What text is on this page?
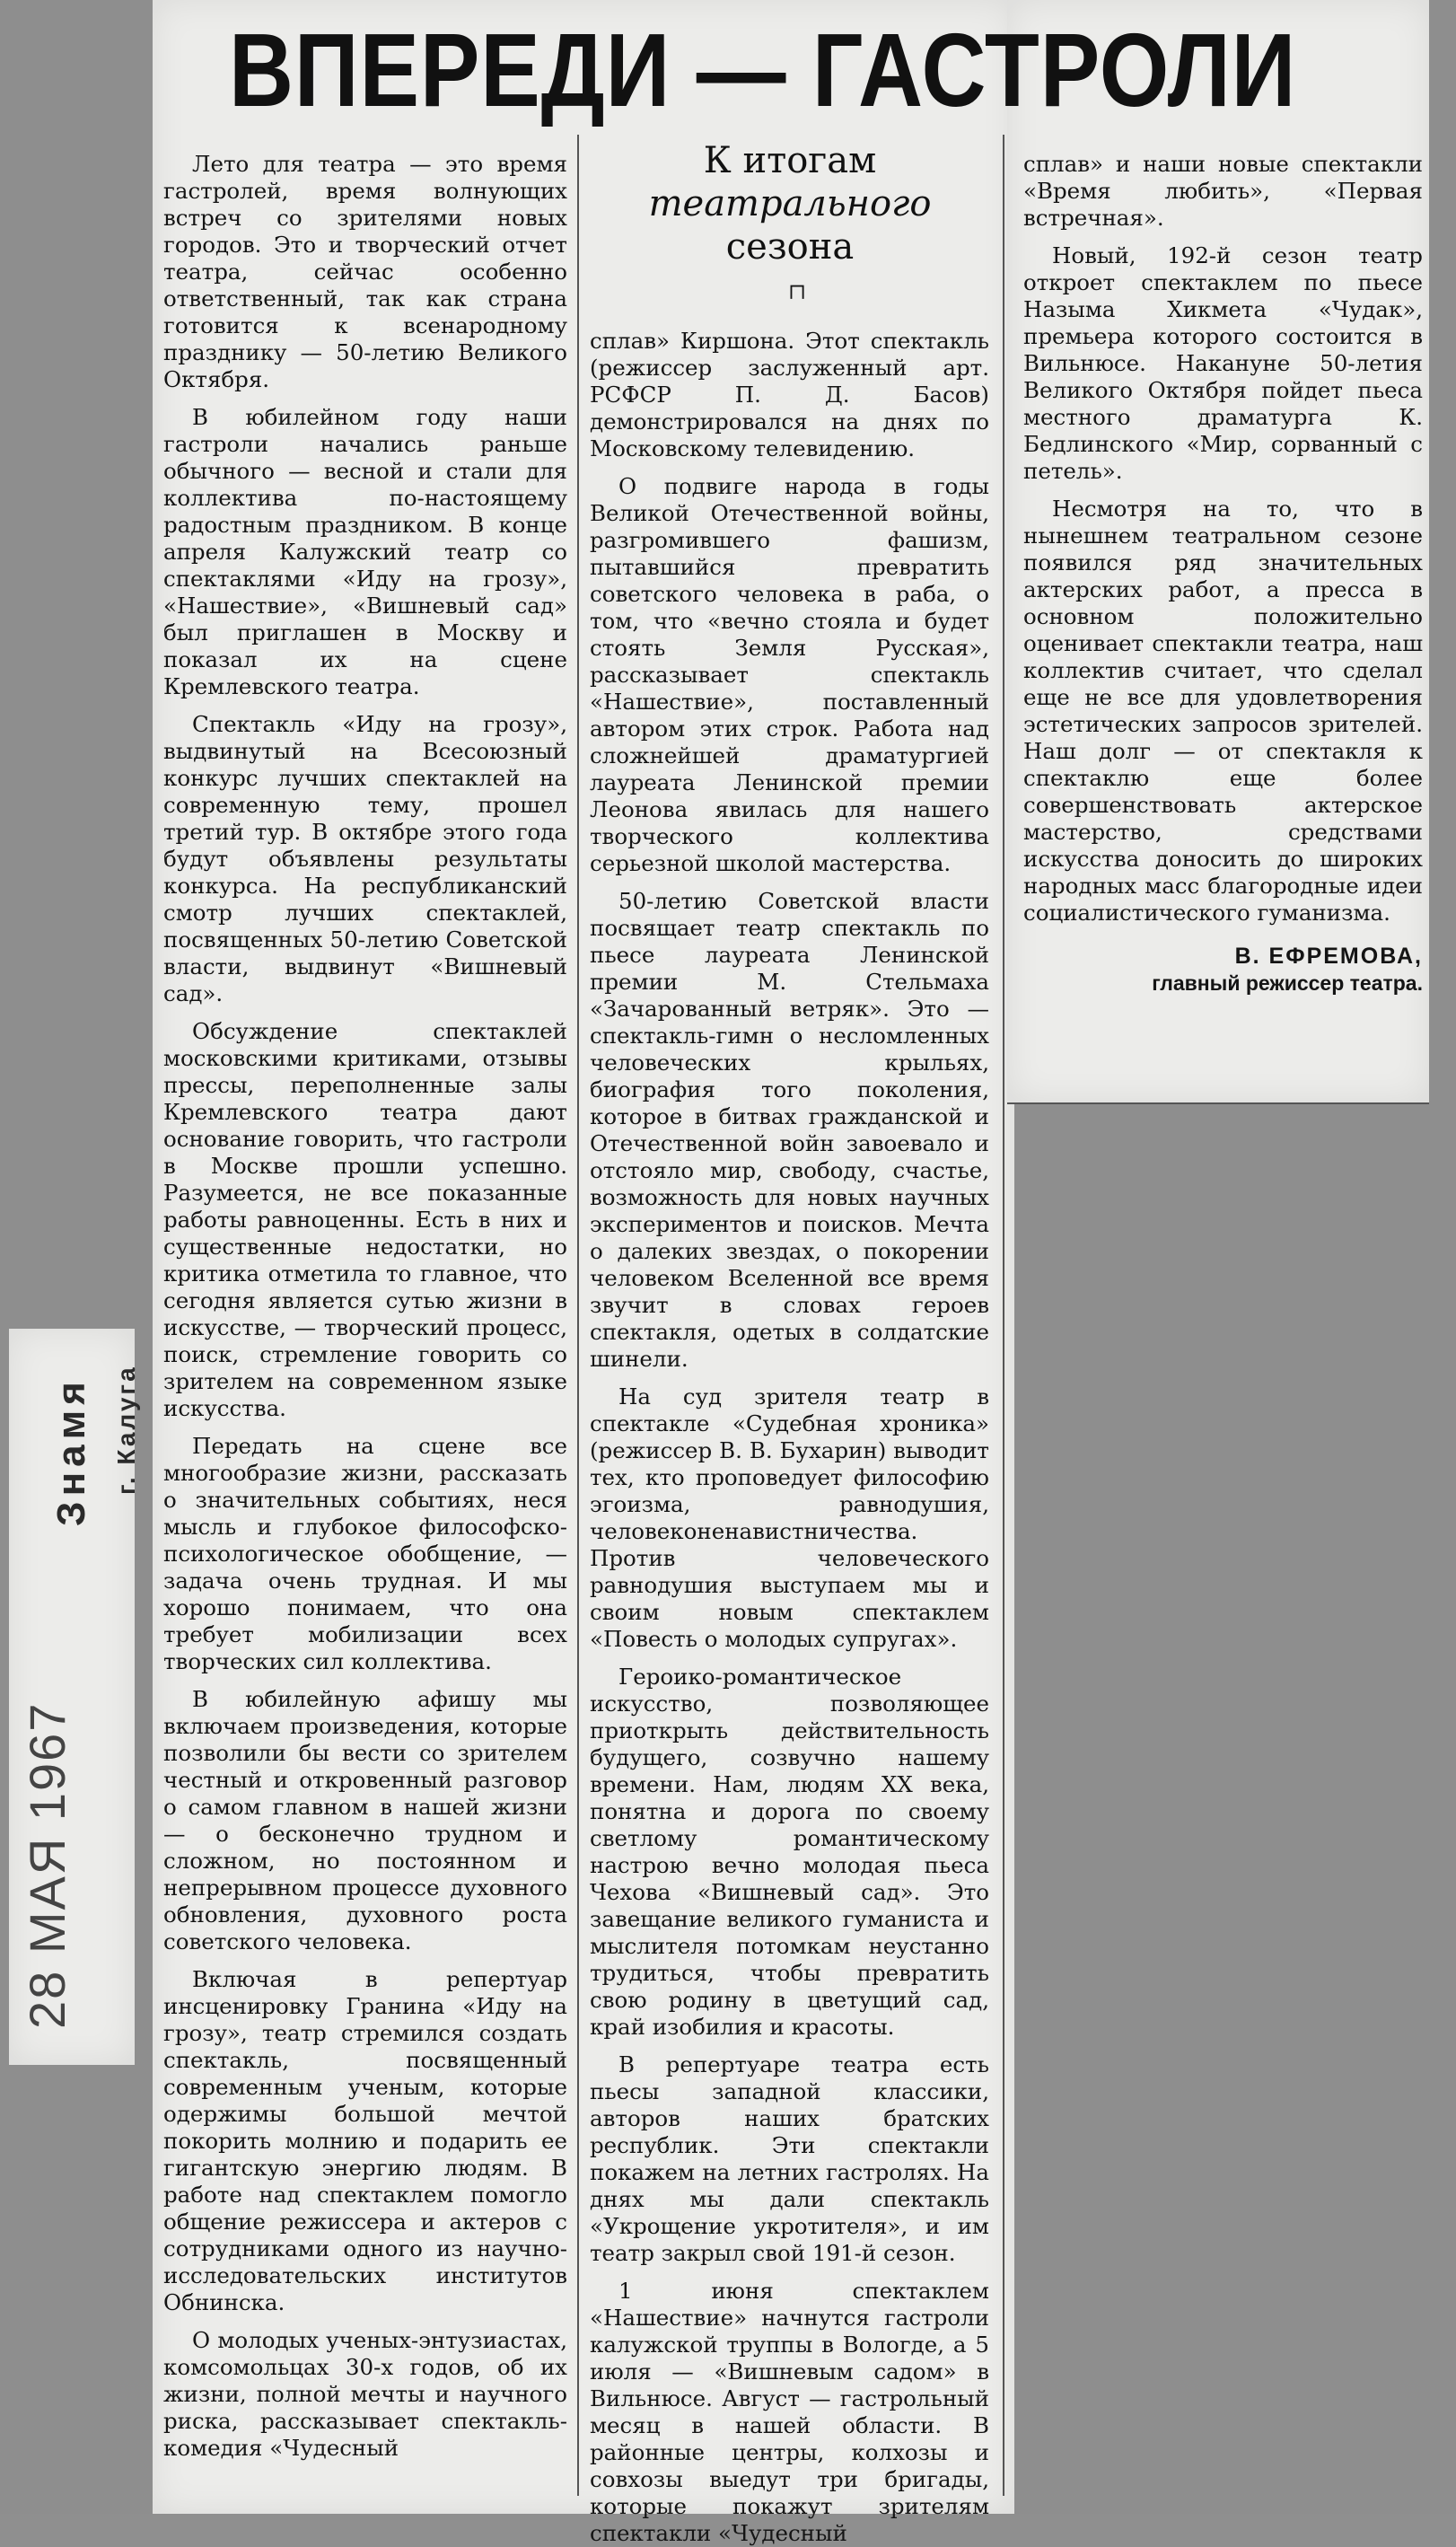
ВПЕРЕДИ — ГАСТРОЛИ
К итогам
театрального
сезона
⊓

Лето для театра — это время гастролей, время волнующих встреч со зрителями новых городов. Это и творческий отчет театра, сейчас особенно ответственный, так как страна готовится к всенародному празднику — 50-летию Великого Октября.

В юбилейном году наши гастроли начались раньше обычного — весной и стали для коллектива по-настоящему радостным праздником. В конце апреля Калужский театр со спектаклями «Иду на грозу», «Нашествие», «Вишневый сад» был приглашен в Москву и показал их на сцене Кремлевского театра.

Спектакль «Иду на грозу», выдвинутый на Всесоюзный конкурс лучших спектаклей на современную тему, прошел третий тур. В октябре этого года будут объявлены результаты конкурса. На республиканский смотр лучших спектаклей, посвященных 50-летию Советской власти, выдвинут «Вишневый сад».

Обсуждение спектаклей московскими критиками, отзывы прессы, переполненные залы Кремлевского театра дают основание говорить, что гастроли в Москве прошли успешно. Разумеется, не все показанные работы равноценны. Есть в них и существенные недостатки, но критика отметила то главное, что сегодня является сутью жизни в искусстве, — творческий процесс, поиск, стремление говорить со зрителем на современном языке искусства.

Передать на сцене все многообразие жизни, рассказать о значительных событиях, неся мысль и глубокое философско-психологическое обобщение, — задача очень трудная. И мы хорошо понимаем, что она требует мобилизации всех творческих сил коллектива.

В юбилейную афишу мы включаем произведения, которые позволили бы вести со зрителем честный и откровенный разговор о самом главном в нашей жизни — о бесконечно трудном и сложном, но постоянном и непрерывном процессе духовного обновления, духовного роста советского человека.

Включая в репертуар инсценировку Гранина «Иду на грозу», театр стремился создать спектакль, посвященный современным ученым, которые одержимы большой мечтой покорить молнию и подарить ее гигантскую энергию людям. В работе над спектаклем помогло общение режиссера и актеров с сотрудниками одного из научно-исследовательских институтов Обнинска.

О молодых ученых-энтузиастах, комсомольцах 30-х годов, об их жизни, полной мечты и научного риска, рассказывает спектакль-комедия «Чудесный

сплав» Киршона. Этот спектакль (режиссер заслуженный арт. РСФСР П. Д. Басов) демонстрировался на днях по Московскому телевидению.

О подвиге народа в годы Великой Отечественной войны, разгромившего фашизм, пытавшийся превратить советского человека в раба, о том, что «вечно стояла и будет стоять Земля Русская», рассказывает спектакль «Нашествие», поставленный автором этих строк. Работа над сложнейшей драматургией лауреата Ленинской премии Леонова явилась для нашего творческого коллектива серьезной школой мастерства.

50-летию Советской власти посвящает театр спектакль по пьесе лауреата Ленинской премии М. Стельмаха «Зачарованный ветряк». Это — спектакль-гимн о несломленных человеческих крыльях, биография того поколения, которое в битвах гражданской и Отечественной войн завоевало и отстояло мир, свободу, счастье, возможность для новых научных экспериментов и поисков. Мечта о далеких звездах, о покорении человеком Вселенной все время звучит в словах героев спектакля, одетых в солдатские шинели.

На суд зрителя театр в спектакле «Судебная хроника» (режиссер В. В. Бухарин) выводит тех, кто проповедует философию эгоизма, равнодушия, человеконенавистничества. Против человеческого равнодушия выступаем мы и своим новым спектаклем «Повесть о молодых супругах».

Героико-романтическое искусство, позволяющее приоткрыть действительность будущего, созвучно нашему времени. Нам, людям XX века, понятна и дорога по своему светлому романтическому настрою вечно молодая пьеса Чехова «Вишневый сад». Это завещание великого гуманиста и мыслителя потомкам неустанно трудиться, чтобы превратить свою родину в цветущий сад, край изобилия и красоты.

В репертуаре театра есть пьесы западной классики, авторов наших братских республик. Эти спектакли покажем на летних гастролях. На днях мы дали спектакль «Укрощение укротителя», и им театр закрыл свой 191-й сезон.

1 июня спектаклем «Нашествие» начнутся гастроли калужской труппы в Вологде, а 5 июля — «Вишневым садом» в Вильнюсе. Август — гастрольный месяц в нашей области. В районные центры, колхозы и совхозы выедут три бригады, которые покажут зрителям спектакли «Чудесный

сплав» и наши новые спектакли «Время любить», «Первая встречная».

Новый, 192-й сезон театр откроет спектаклем по пьесе Назыма Хикмета «Чудак», премьера которого состоится в Вильнюсе. Накануне 50-летия Великого Октября пойдет пьеса местного драматурга К. Бедлинского «Мир, сорванный с петель».

Несмотря на то, что в нынешнем театральном сезоне появился ряд значительных актерских работ, а пресса в основном положительно оценивает спектакли театра, наш коллектив считает, что сделал еще не все для удовлетворения эстетических запросов зрителей. Наш долг — от спектакля к спектаклю еще более совершенствовать актерское мастерство, средствами искусства доносить до широких народных масс благородные идеи социалистического гуманизма.

В. ЕФРЕМОВА,
главный режиссер театра.
Знамя г. Калуга
28 МАЯ 1967
